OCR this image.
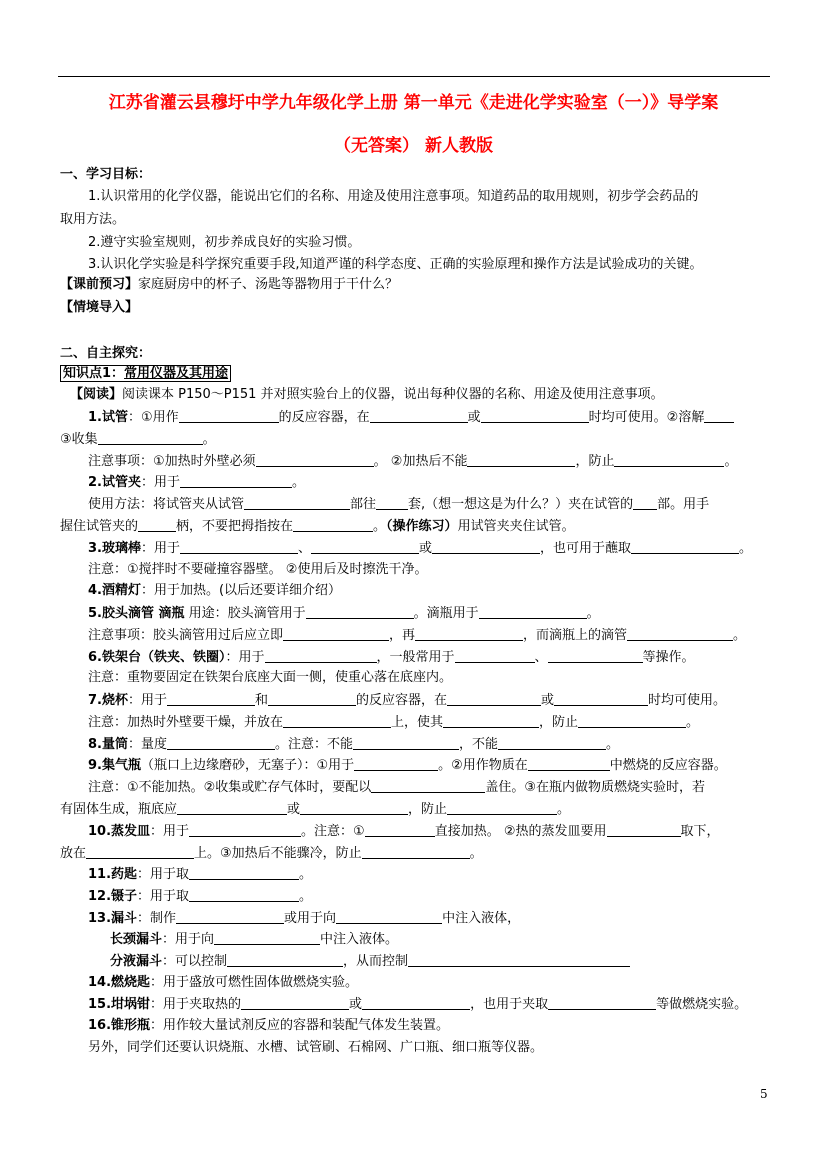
江苏省灌云县穆圩中学九年级化学上册 第一单元《走进化学实验室（一）》导学案
（无答案） 新人教版
一、学习目标：
1.认识常用的化学仪器，能说出它们的名称、用途及使用注意事项。知道药品的取用规则，初步学会药品的
取用方法。
2.遵守实验室规则，初步养成良好的实验习惯。
3.认识化学实验是科学探究重要手段,知道严谨的科学态度、正确的实验原理和操作方法是试验成功的关键。
【课前预习】家庭厨房中的杯子、汤匙等器物用于干什么？
【情境导入】
二、自主探究：
知识点1：常用仪器及其用途
【阅读】阅读课本 P150～P151 并对照实验台上的仪器，说出每种仪器的名称、用途及使用注意事项。
1.试管：①用作	的反应容器，在	或	时均可使用。②溶解
③收集	。
注意事项：①加热时外壁必须	。 ②加热后不能	，防止	。
2.试管夹：用于	。
使用方法：将试管夹从试管	部往 套,（想一想这是为什么？）夹在试管的 部。用手
握住试管夹的	柄，不要把拇指按在	。（操作练习）用试管夹夹住试管。
3.玻璃棒：用于	、	或	，也可用于蘸取	。
注意：①搅拌时不要碰撞容器壁。 ②使用后及时擦洗干净。
4.酒精灯：用于加热。(以后还要详细介绍）
5.胶头滴管 滴瓶 用途：胶头滴管用于	。滴瓶用于	。
注意事项：胶头滴管用过后应立即	，再	，而滴瓶上的滴管	。
6.铁架台（铁夹、铁圈）：用于	，一般常用于	、	等操作。
注意：重物要固定在铁架台底座大面一侧，使重心落在底座内。
7.烧杯：用于	和	的反应容器，在	或	时均可使用。
注意：加热时外壁要干燥，并放在	上，使其	，防止	。
8.量筒：量度	。注意：不能	，不能	。
9.集气瓶（瓶口上边缘磨砂，无塞子）：①用于	。②用作物质在	中燃烧的反应容器。
注意：①不能加热。②收集或贮存气体时，要配以	盖住。③在瓶内做物质燃烧实验时，若
有固体生成，瓶底应	或	，防止	。
10.蒸发皿：用于	。注意：①	直接加热。 ②热的蒸发皿要用	取下，
放在	上。③加热后不能骤冷，防止	。
11.药匙：用于取	。
12.镊子：用于取	。
13.漏斗：制作	或用于向	中注入液体，
长颈漏斗：用于向	中注入液体。
分液漏斗：可以控制	，从而控制
14.燃烧匙：用于盛放可燃性固体做燃烧实验。
15.坩埚钳：用于夹取热的	或	，也用于夹取	等做燃烧实验。
16.锥形瓶：用作较大量试剂反应的容器和装配气体发生装置。
另外，同学们还要认识烧瓶、水槽、试管刷、石棉网、广口瓶、细口瓶等仪器。
5
